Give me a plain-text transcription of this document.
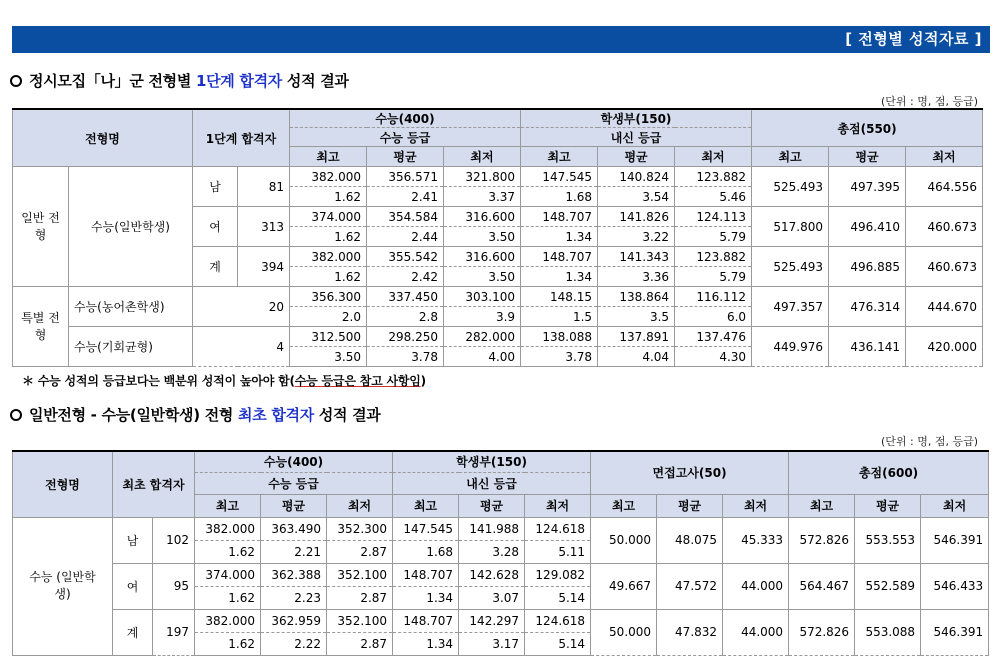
[ 전형별 성적자료 ]
정시모집「나」군 전형별 1단계 합격자 성적 결과
(단위 : 명, 점, 등급)
전형명		1단계 합격자		수능(400)			학생부(150)			총점(550)		
				수능 등급			내신 등급					
				최고	평균	최저	최고	평균	최저	최고	평균	최저
일반 전형	수능(일반학생)	남	81	382.000	356.571	321.800	147.545	140.824	123.882	525.493	497.395	464.556
				1.62	2.41	3.37	1.68	3.54	5.46			
		여	313	374.000	354.584	316.600	148.707	141.826	124.113	517.800	496.410	460.673
				1.62	2.44	3.50	1.34	3.22	5.79			
		계	394	382.000	355.542	316.600	148.707	141.343	123.882	525.493	496.885	460.673
				1.62	2.42	3.50	1.34	3.36	5.79			
특별 전형	수능(농어촌학생)	20		356.300	337.450	303.100	148.15	138.864	116.112	497.357	476.314	444.670
				2.0	2.8	3.9	1.5	3.5	6.0			
	수능(기회균형)	4		312.500	298.250	282.000	138.088	137.891	137.476	449.976	436.141	420.000
				3.50	3.78	4.00	3.78	4.04	4.30			
＊ 수능 성적의 등급보다는 백분위 성적이 높아야 함(수능 등급은 참고 사항임)
일반전형 - 수능(일반학생) 전형 최초 합격자 성적 결과
(단위 : 명, 점, 등급)
전형명	최초 합격자		수능(400)			학생부(150)			면접고사(50)			총점(600)		
			수능 등급			내신 등급								
			최고	평균	최저	최고	평균	최저	최고	평균	최저	최고	평균	최저
수능 (일반학생)	남	102	382.000	363.490	352.300	147.545	141.988	124.618	50.000	48.075	45.333	572.826	553.553	546.391
			1.62	2.21	2.87	1.68	3.28	5.11						
	여	95	374.000	362.388	352.100	148.707	142.628	129.082	49.667	47.572	44.000	564.467	552.589	546.433
			1.62	2.23	2.87	1.34	3.07	5.14						
	계	197	382.000	362.959	352.100	148.707	142.297	124.618	50.000	47.832	44.000	572.826	553.088	546.391
			1.62	2.22	2.87	1.34	3.17	5.14						
